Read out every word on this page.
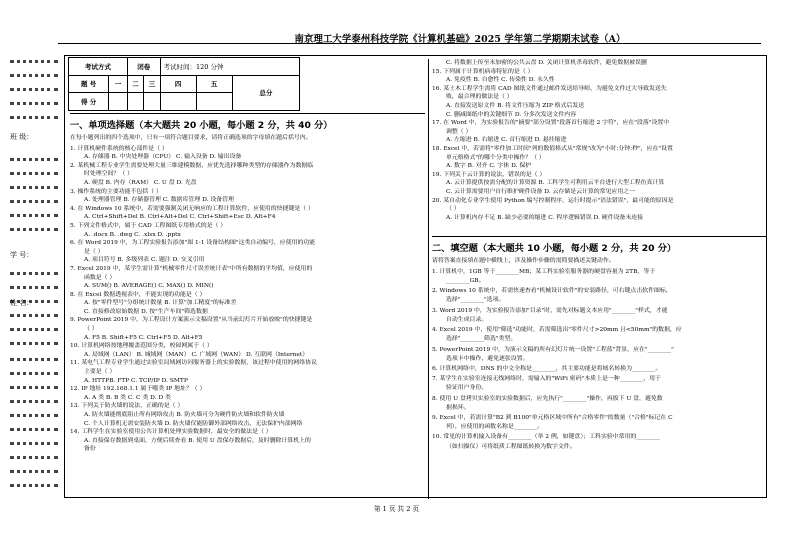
南京理工大学泰州科技学院《计算机基础》2025 学年第二学期期末试卷（A）
班 级：
学 号：
姓 名：
考试方式		闭卷		考试时间：120 分钟		
题 号	一	二	三	四	五	总分
得 分						
一、单项选择题（本大题共 20 小题，每小题 2 分，共 40 分）
在每小题列出的四个选项中，只有一项符合题目要求，请将正确选项的字母填在题后括号内。
1. 计算机硬件系统的核心部件是（ ）
A. 存储器 B. 中央处理器（CPU） C. 输入设备 D. 输出设备
2. 某机械工程专业学生需要处理大量三维建模数据，应优先选择哪种类型的存储器作为数据临
时处理空间？（ ）
A. 硬盘 B. 内存（RAM） C. U 盘 D. 光盘
3. 操作系统的主要功能不包括（ ）
A. 处理器管理 B. 存储器管理 C. 数据库管理 D. 设备管理
4. 在 Windows 10 系统中，若需要强制关闭无响应的工程计算软件，应使用的快捷键是（ ）
A. Ctrl+Shift+Del B. Ctrl+Alt+Del C. Ctrl+Shift+Esc D. Alt+F4
5. 下列文件格式中，属于 CAD 工程图纸专用格式的是（ ）
A. .docx B. .dwg C. .xlsx D. .pptx
6. 在 Word 2019 中，为工程实验报告添加"图 1-1 设备结构图"这类自动编号，应使用的功能
是（ ）
A. 项目符号 B. 多级列表 C. 题注 D. 交叉引用
7. Excel 2019 中，某学生需计算"机械零件尺寸误差统计表"中所有数据的平均值，应使用的
函数是（ ）
A. SUM() B. AVERAGE() C. MAX() D. MIN()
8. 在 Excel 数据透视表中，不能实现的功能是（ ）
A. 按"零件型号"分组统计数量 B. 计算"加工精度"的标准差
C. 直接修改原始数据 D. 按"生产车间"筛选数据
9. PowerPoint 2019 中，为工程设计方案演示文稿设置"从当前幻灯片开始放映"的快捷键是
（ ）
A. F5 B. Shift+F5 C. Ctrl+F5 D. Alt+F5
10. 计算机网络按地理覆盖范围分类，校园网属于（ ）
A. 局域网（LAN） B. 城域网（MAN） C. 广域网（WAN） D. 互联网（Internet）
11. 某电气工程专业学生通过实验室局域网访问服务器上的实验数据，该过程中使用的网络协议
主要是（ ）
A. HTTPB. FTP C. TCP/IP D. SMTP
12. IP 地址 192.168.1.1 属于哪类 IP 地址？（ ）
A. A 类 B. B 类 C. C 类 D. D 类
13. 下列关于防火墙的说法，正确的是（ ）
A. 防火墙能彻底阻止所有网络攻击 B. 防火墙可分为硬件防火墙和软件防火墙
C. 个人计算机无需安装防火墙 D. 防火墙仅能防御外部网络攻击，无法保护内部网络
14. 工科学生在实验室使用公共计算机处理实验数据时，最安全的做法是（ ）
A. 直接保存数据到桌面，方便后续查看 B. 使用 U 盘保存数据后，及时删除计算机上的
备份
C. 将数据上传至未加密的公共云盘 D. 关闭计算机杀毒软件，避免数据被误删
15. 下列属于计算机病毒特征的是（ ）
A. 免疫性 B. 自愈性 C. 传染性 D. 永久性
16. 某土木工程学生需将 CAD 图纸文件通过邮件发送给导师，为避免文件过大导致发送失
败，最合理的做法是（ ）
A. 直接发送原文件 B. 将文件压缩为 ZIP 格式后发送
C. 删减图纸中的关键细节 D. 分多次发送文件内容
17. 在 Word 中，为实验报告的"摘要"部分设置"段落首行缩进 2 字符"，应在"段落"设置中
调整（ ）
A. 左缩进 B. 右缩进 C. 首行缩进 D. 悬挂缩进
18. Excel 中，若需将"零件加工时间"列的数值格式从"常规"改为"小时:分钟:秒"，应在"设置
单元格格式"的哪个分类中操作？（ ）
A. 数字 B. 对齐 C. 字体 D. 保护
19. 下列关于云计算的说法，错误的是（ ）
A. 云计算提供按需分配的计算资源 B. 工科学生可利用云平台进行大型工程仿真计算
C. 云计算需要用户自行维护硬件设备 D. 云存储是云计算的常见应用之一
20. 某自动化专业学生使用 Python 编写控制程序，运行时提示"语法错误"，最可能的原因是
（ ）
A. 计算机内存不足 B. 缺少必要的缩进 C. 程序逻辑错误 D. 硬件设备未连接
二、填空题（本大题共 10 小题，每小题 2 分，共 20 分）
请将答案直接填在题中横线上，涉及操作步骤的需简要描述关键动作。
1. 计算机中，1GB 等于________MB；某工科实验室服务器的硬盘容量为 2TB，等于
________GB。
2. Windows 10 系统中，若需快速查看"机械设计软件"的安装路径，可右键点击软件图标，
选择"________"选项。
3. Word 2019 中，为实验报告添加"目录"时，需先对标题文本应用"________"样式，才能
自动生成目录。
4. Excel 2019 中，使用"筛选"功能时，若需筛选出"零件尺寸>20mm 且<50mm"的数据，应
选择"________筛选"类型。
5. PowerPoint 2019 中，为演示文稿的所有幻灯片统一设置"工程蓝"背景，应在"________"
选项卡中操作，避免逐张设置。
6. 计算机网络中，DNS 的中文全称是________，其主要功能是将域名转换为________。
7. 某学生在实验室连接无线网络时，需输入的"WiFi 密码"本质上是一种________，用于
验证用户身份。
8. 使用 U 盘拷贝实验室的实验数据后，应先执行"________"操作，再拔下 U 盘，避免数
据损坏。
9. Excel 中，若需计算"B2 到 B100"单元格区域中所有"合格零件"的数量（"合格"标记在 C
列），应使用的函数名称是________。
10. 常见的计算机输入设备有________（举 2 例，如键盘）；工科实验中常用的________
（如扫描仪）可将纸质工程图纸转换为数字文件。
第 1 页 共 2 页
